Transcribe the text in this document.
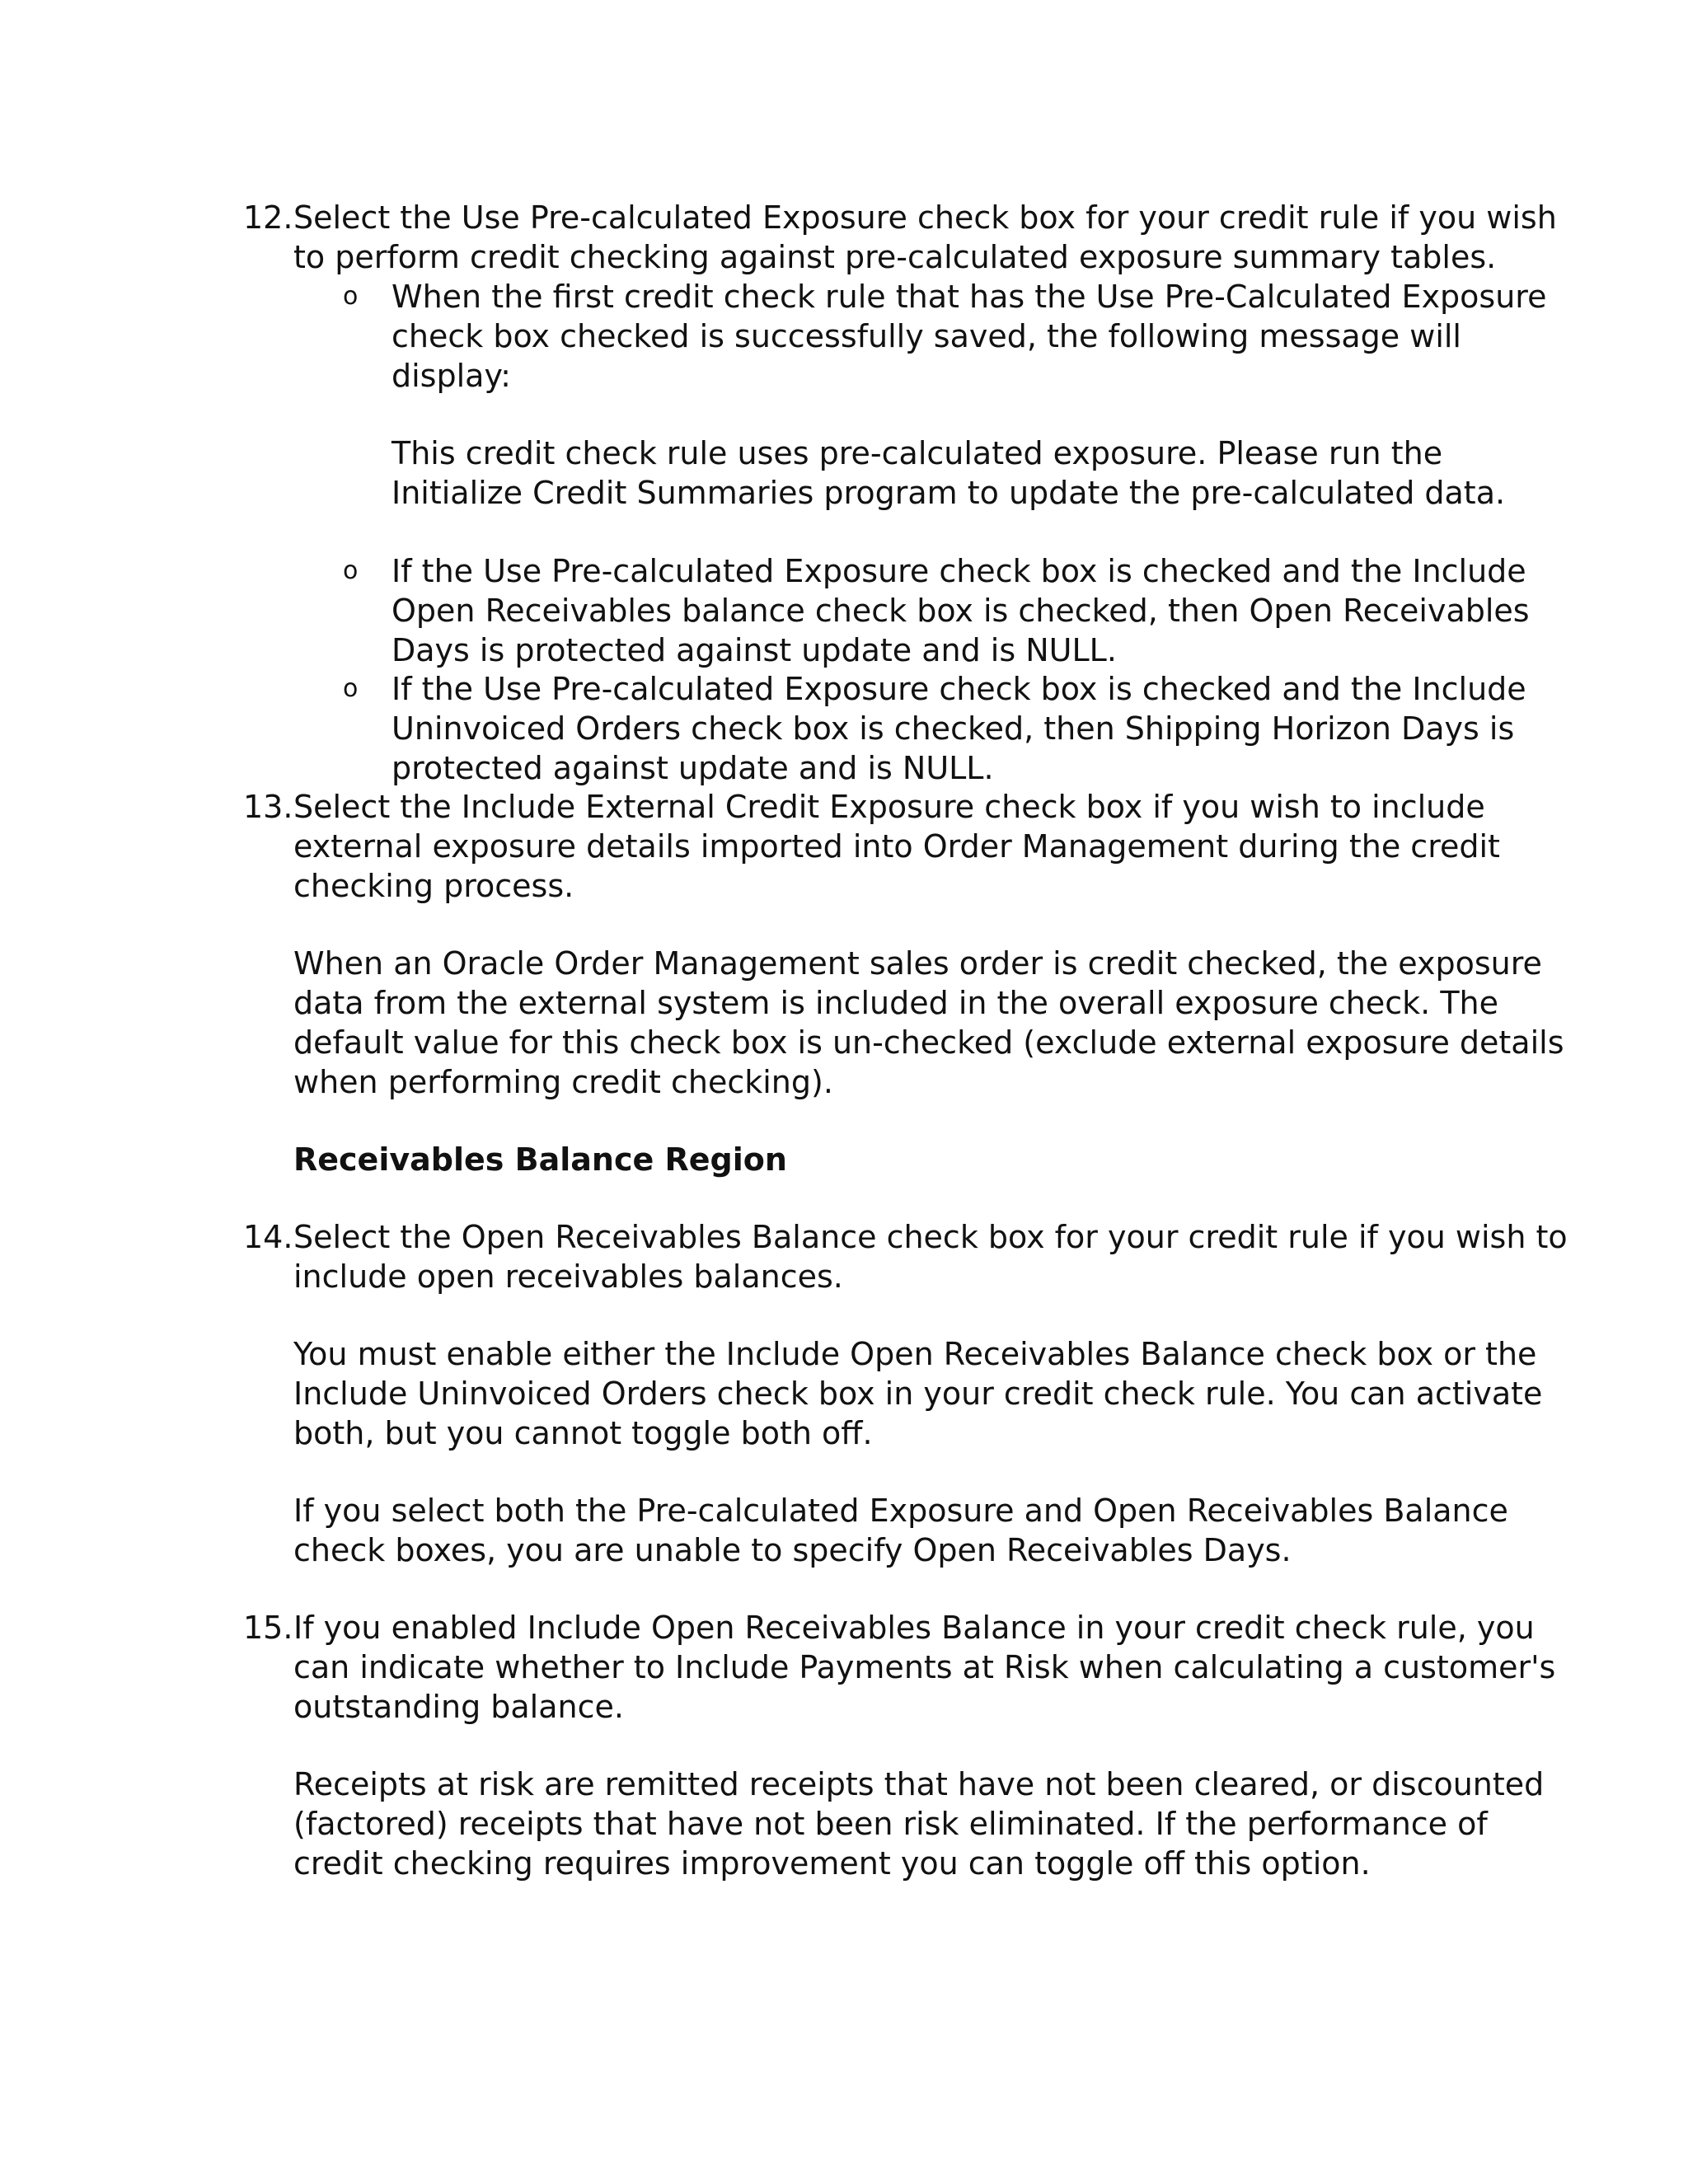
12. Select the Use Pre-calculated Exposure check box for your credit rule if you wish
to perform credit checking against pre-calculated exposure summary tables.
o When the first credit check rule that has the Use Pre-Calculated Exposure
check box checked is successfully saved, the following message will
display:
This credit check rule uses pre-calculated exposure. Please run the
Initialize Credit Summaries program to update the pre-calculated data.
o If the Use Pre-calculated Exposure check box is checked and the Include
Open Receivables balance check box is checked, then Open Receivables
Days is protected against update and is NULL.
o If the Use Pre-calculated Exposure check box is checked and the Include
Uninvoiced Orders check box is checked, then Shipping Horizon Days is
protected against update and is NULL.
13. Select the Include External Credit Exposure check box if you wish to include
external exposure details imported into Order Management during the credit
checking process.
When an Oracle Order Management sales order is credit checked, the exposure
data from the external system is included in the overall exposure check. The
default value for this check box is un-checked (exclude external exposure details
when performing credit checking).
Receivables Balance Region
14. Select the Open Receivables Balance check box for your credit rule if you wish to
include open receivables balances.
You must enable either the Include Open Receivables Balance check box or the
Include Uninvoiced Orders check box in your credit check rule. You can activate
both, but you cannot toggle both off.
If you select both the Pre-calculated Exposure and Open Receivables Balance
check boxes, you are unable to specify Open Receivables Days.
15. If you enabled Include Open Receivables Balance in your credit check rule, you
can indicate whether to Include Payments at Risk when calculating a customer's
outstanding balance.
Receipts at risk are remitted receipts that have not been cleared, or discounted
(factored) receipts that have not been risk eliminated. If the performance of
credit checking requires improvement you can toggle off this option.
